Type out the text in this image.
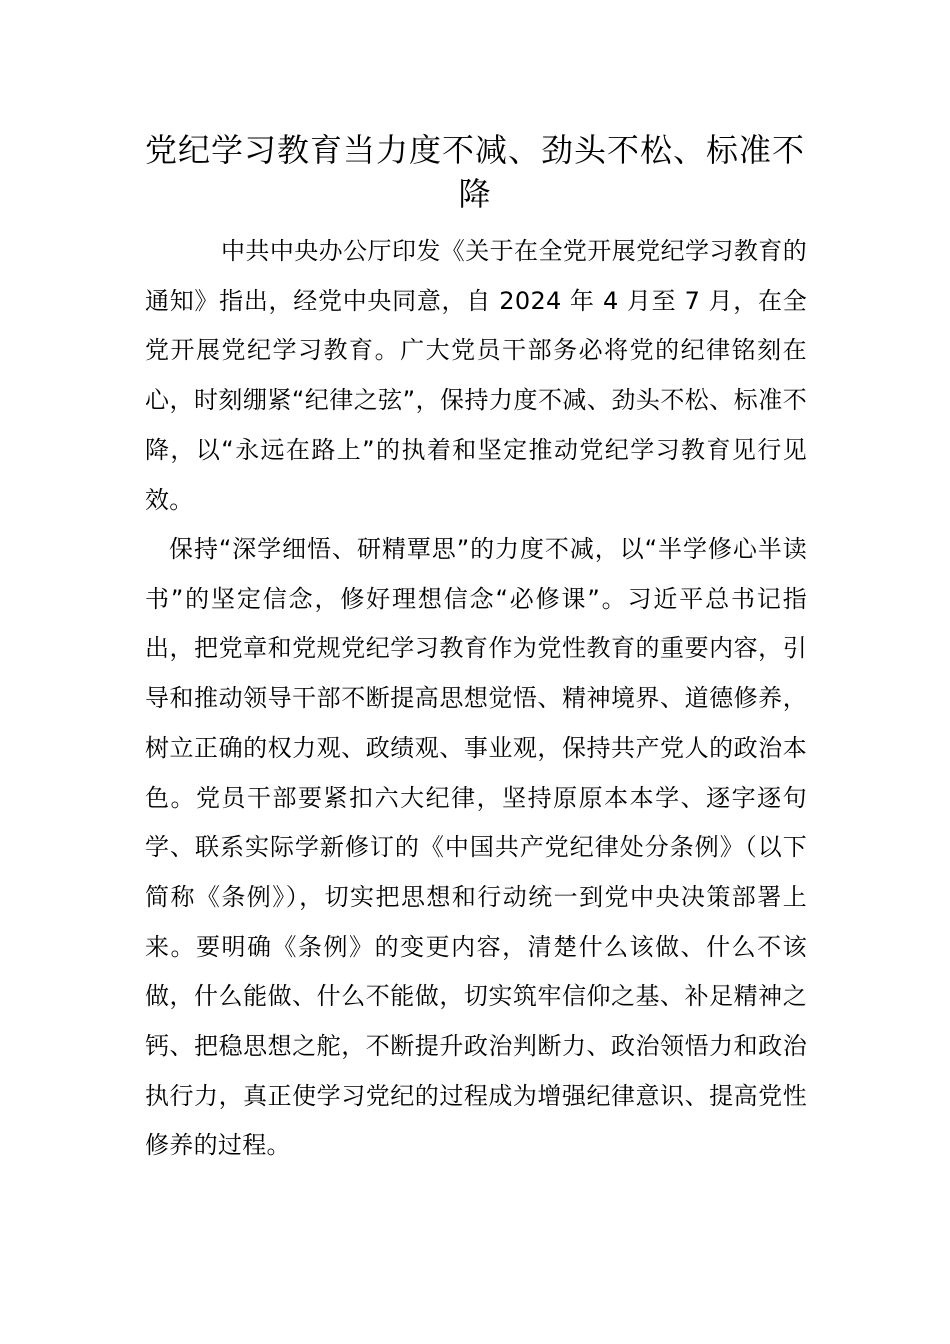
党纪学习教育当力度不减、劲头不松、标准不降

中共中央办公厅印发《关于在全党开展党纪学习教育的通知》指出，经党中央同意，自 2024 年 4 月至 7 月，在全党开展党纪学习教育。广大党员干部务必将党的纪律铭刻在心，时刻绷紧“纪律之弦”，保持力度不减、劲头不松、标准不降，以“永远在路上”的执着和坚定推动党纪学习教育见行见效。

保持“深学细悟、研精覃思”的力度不减，以“半学修心半读书”的坚定信念，修好理想信念“必修课”。习近平总书记指出，把党章和党规党纪学习教育作为党性教育的重要内容，引导和推动领导干部不断提高思想觉悟、精神境界、道德修养，树立正确的权力观、政绩观、事业观，保持共产党人的政治本色。党员干部要紧扣六大纪律，坚持原原本本学、逐字逐句学、联系实际学新修订的《中国共产党纪律处分条例》（以下简称《条例》），切实把思想和行动统一到党中央决策部署上来。要明确《条例》的变更内容，清楚什么该做、什么不该做，什么能做、什么不能做，切实筑牢信仰之基、补足精神之钙、把稳思想之舵，不断提升政治判断力、政治领悟力和政治执行力，真正使学习党纪的过程成为增强纪律意识、提高党性修养的过程。
